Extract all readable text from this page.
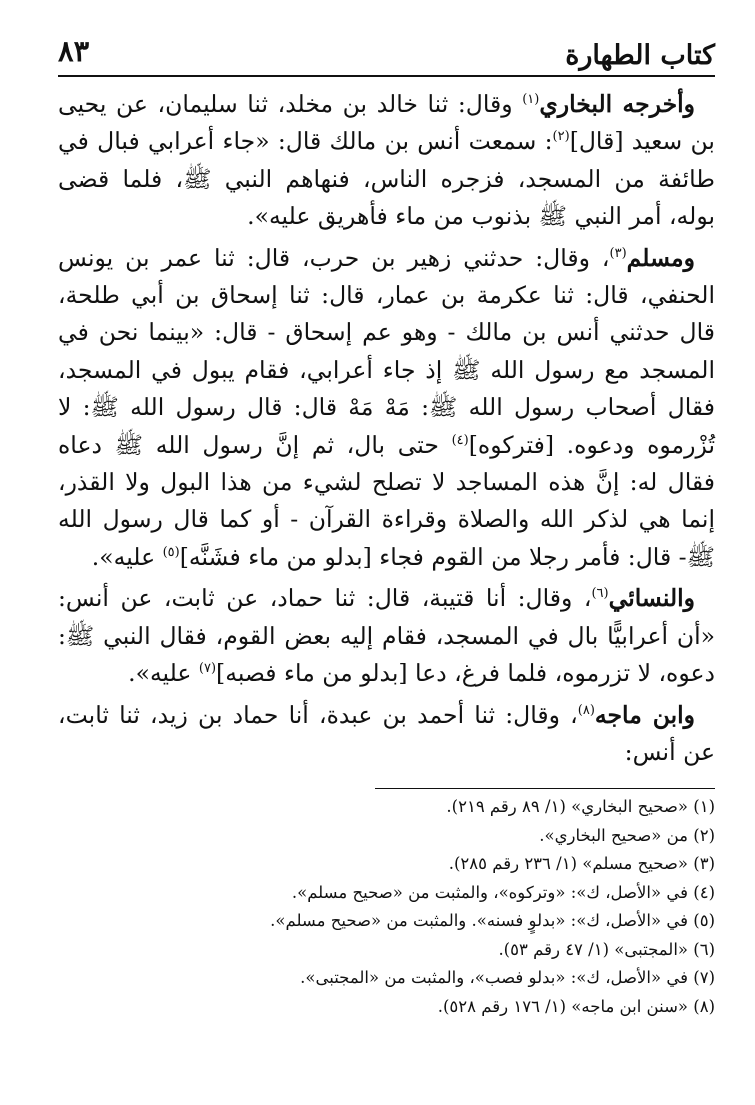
كتاب الطهارة
٨٣

وأخرجه البخاري$^{(١)}$ وقال: ثنا خالد بن مخلد، ثنا سليمان، عن يحيى بن سعيد [قال]$^{(٢)}$: سمعت أنس بن مالك قال: «جاء أعرابي فبال في طائفة من المسجد، فزجره الناس، فنهاهم النبي ﷺ، فلما قضى بوله، أمر النبي ﷺ بذنوب من ماء فأهريق عليه».

ومسلم$^{(٣)}$، وقال: حدثني زهير بن حرب، قال: ثنا عمر بن يونس الحنفي، قال: ثنا عكرمة بن عمار، قال: ثنا إسحاق بن أبي طلحة، قال حدثني أنس بن مالك - وهو عم إسحاق - قال: «بينما نحن في المسجد مع رسول الله ﷺ إذ جاء أعرابي، فقام يبول في المسجد، فقال أصحاب رسول الله ﷺ: مَهْ مَهْ قال: قال رسول الله ﷺ: لا تُزْرموه ودعوه. [فتركوه]$^{(٤)}$ حتى بال، ثم إنَّ رسول الله ﷺ دعاه فقال له: إنَّ هذه المساجد لا تصلح لشيء من هذا البول ولا القذر، إنما هي لذكر الله والصلاة وقراءة القرآن - أو كما قال رسول الله ﷺ- قال: فأمر رجلا من القوم فجاء [بدلو من ماء فشَنَّه]$^{(٥)}$ عليه».

والنسائي$^{(٦)}$، وقال: أنا قتيبة، قال: ثنا حماد، عن ثابت، عن أنس: «أن أعرابيًّا بال في المسجد، فقام إليه بعض القوم، فقال النبي ﷺ: دعوه، لا تزرموه، فلما فرغ، دعا [بدلو من ماء فصبه]$^{(٧)}$ عليه».

وابن ماجه$^{(٨)}$، وقال: ثنا أحمد بن عبدة، أنا حماد بن زيد، ثنا ثابت، عن أنس:

(١) «صحيح البخاري» (١/ ٨٩ رقم ٢١٩).
(٢) من «صحيح البخاري».
(٣) «صحيح مسلم» (١/ ٢٣٦ رقم ٢٨٥).
(٤) في «الأصل، ك»: «وتركوه»، والمثبت من «صحيح مسلم».
(٥) في «الأصل، ك»: «بدلوٍ فسنه». والمثبت من «صحيح مسلم».
(٦) «المجتبى» (١/ ٤٧ رقم ٥٣).
(٧) في «الأصل، ك»: «بدلو فصب»، والمثبت من «المجتبى».
(٨) «سنن ابن ماجه» (١/ ١٧٦ رقم ٥٢٨).
